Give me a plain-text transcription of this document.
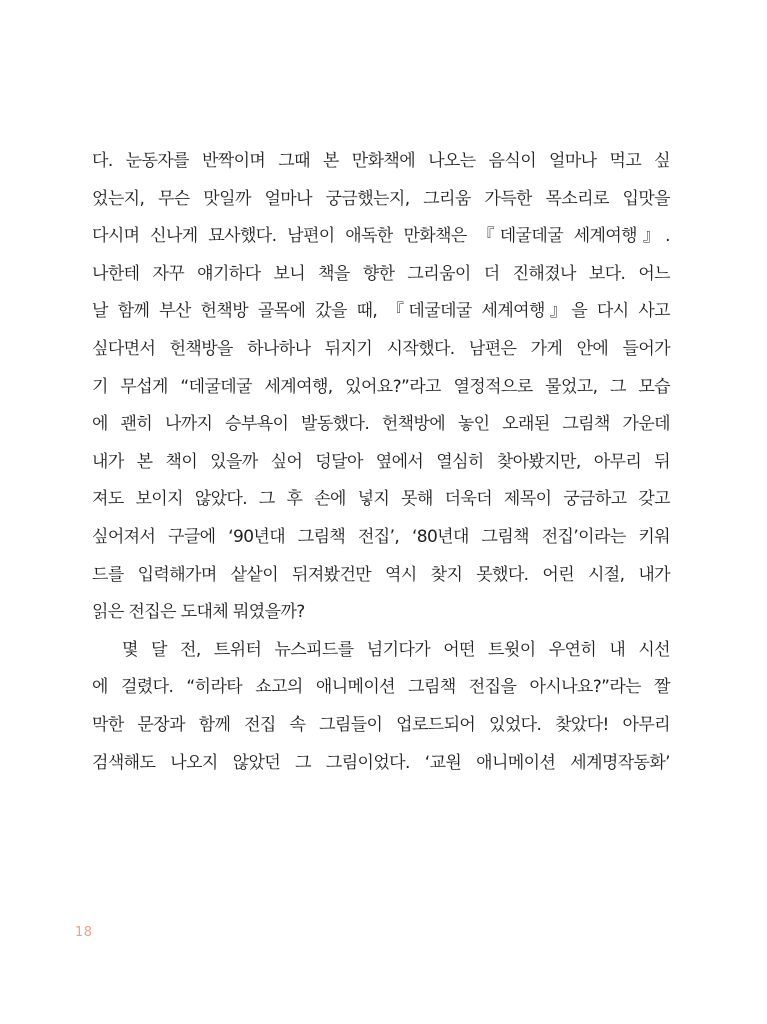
다. 눈동자를 반짝이며 그때 본 만화책에 나오는 음식이 얼마나 먹고 싶
었는지, 무슨 맛일까 얼마나 궁금했는지, 그리움 가득한 목소리로 입맛을
다시며 신나게 묘사했다. 남편이 애독한 만화책은 『데굴데굴 세계여행』.
나한테 자꾸 얘기하다 보니 책을 향한 그리움이 더 진해졌나 보다. 어느
날 함께 부산 헌책방 골목에 갔을 때, 『데굴데굴 세계여행』을 다시 사고
싶다면서 헌책방을 하나하나 뒤지기 시작했다. 남편은 가게 안에 들어가
기 무섭게 “데굴데굴 세계여행, 있어요?”라고 열정적으로 물었고, 그 모습
에 괜히 나까지 승부욕이 발동했다. 헌책방에 놓인 오래된 그림책 가운데
내가 본 책이 있을까 싶어 덩달아 옆에서 열심히 찾아봤지만, 아무리 뒤
져도 보이지 않았다. 그 후 손에 넣지 못해 더욱더 제목이 궁금하고 갖고
싶어져서 구글에 ‘90년대 그림책 전집’, ‘80년대 그림책 전집’이라는 키워
드를 입력해가며 샅샅이 뒤져봤건만 역시 찾지 못했다. 어린 시절, 내가
읽은 전집은 도대체 뭐였을까?
몇 달 전, 트위터 뉴스피드를 넘기다가 어떤 트윗이 우연히 내 시선
에 걸렸다. “히라타 쇼고의 애니메이션 그림책 전집을 아시나요?”라는 짤
막한 문장과 함께 전집 속 그림들이 업로드되어 있었다. 찾았다! 아무리
검색해도 나오지 않았던 그 그림이었다. ‘교원 애니메이션 세계명작동화’
18
